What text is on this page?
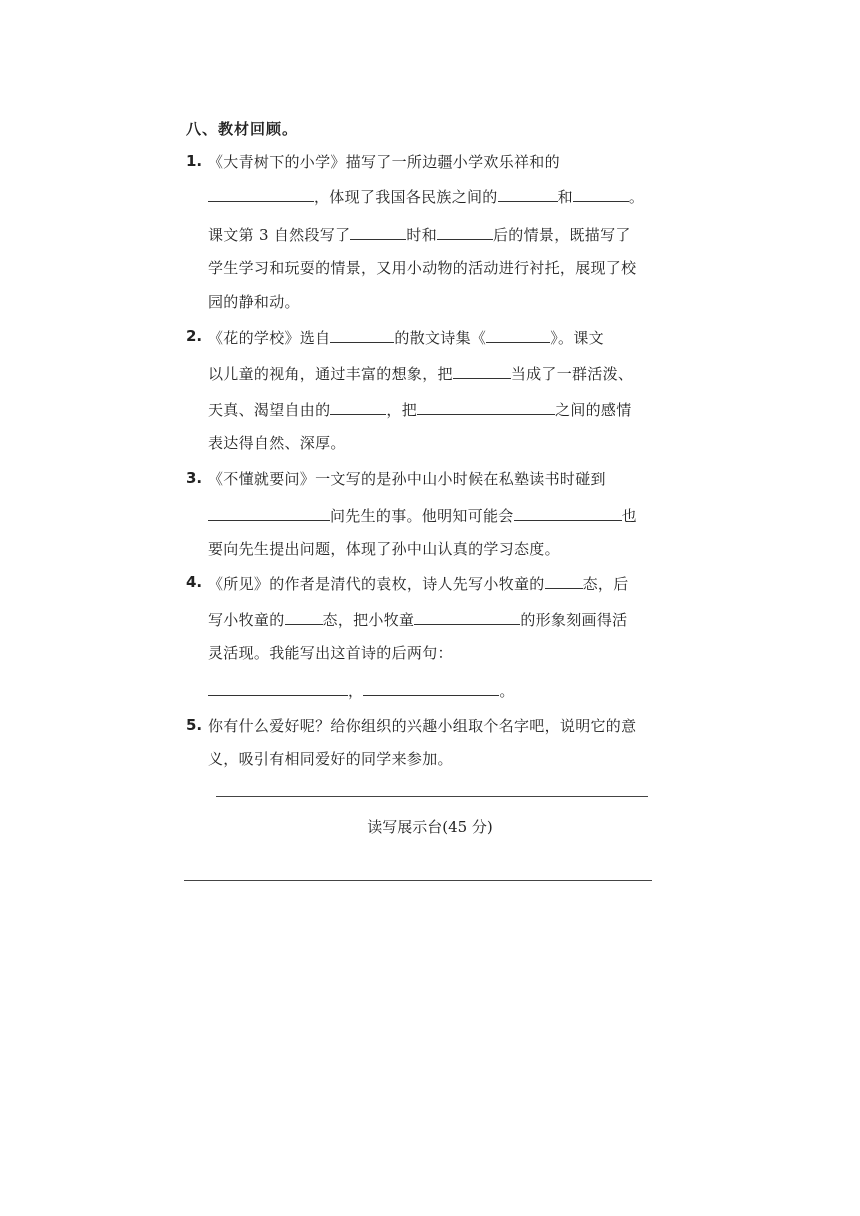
八、教材回顾。
1. 《大青树下的小学》描写了一所边疆小学欢乐祥和的
，体现了我国各民族之间的	和	。
课文第 3 自然段写了	时和	后的情景，既描写了
学生学习和玩耍的情景，又用小动物的活动进行衬托，展现了校
园的静和动。
2. 《花的学校》选自	的散文诗集《	》。课文
以儿童的视角，通过丰富的想象，把	当成了一群活泼、
天真、渴望自由的	，把	之间的感情
表达得自然、深厚。
3. 《不懂就要问》一文写的是孙中山小时候在私塾读书时碰到
问先生的事。他明知可能会	也
要向先生提出问题，体现了孙中山认真的学习态度。
4. 《所见》的作者是清代的袁枚，诗人先写小牧童的	态，后
写小牧童的	态，把小牧童	的形象刻画得活
灵活现。我能写出这首诗的后两句：
，	。
5. 你有什么爱好呢？给你组织的兴趣小组取个名字吧，说明它的意
义，吸引有相同爱好的同学来参加。
读写展示台(45 分)
